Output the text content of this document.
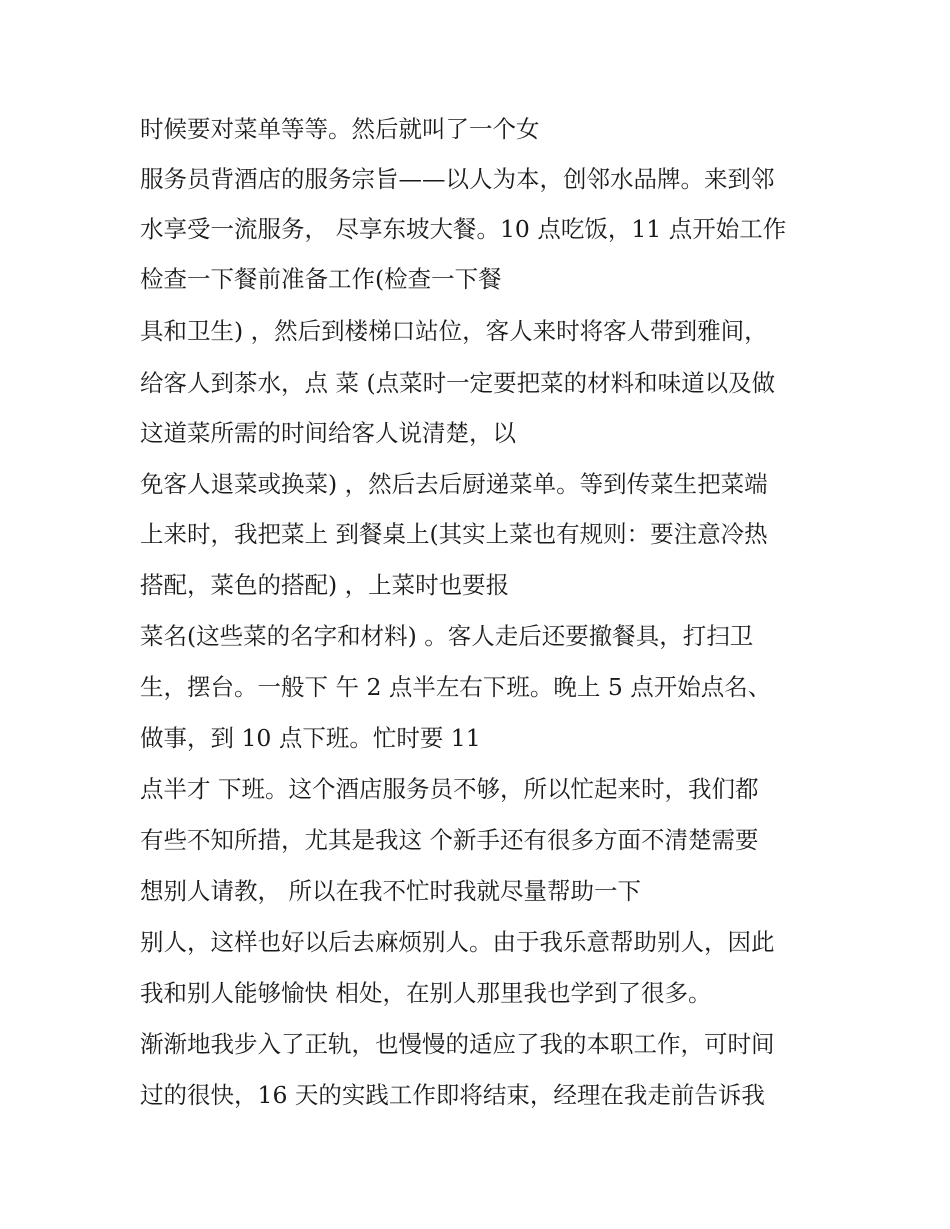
时候要对菜单等等。然后就叫了一个女

服务员背酒店的服务宗旨——以人为本，创邻水品牌。来到邻

水享受一流服务， 尽享东坡大餐。10 点吃饭，11 点开始工作

检查一下餐前准备工作(检查一下餐

具和卫生) ，然后到楼梯口站位，客人来时将客人带到雅间，

给客人到茶水，点 菜 (点菜时一定要把菜的材料和味道以及做

这道菜所需的时间给客人说清楚，以

免客人退菜或换菜) ，然后去后厨递菜单。等到传菜生把菜端

上来时，我把菜上 到餐桌上(其实上菜也有规则：要注意冷热

搭配，菜色的搭配) ，上菜时也要报

菜名(这些菜的名字和材料) 。客人走后还要撤餐具，打扫卫

生，摆台。一般下 午 2 点半左右下班。晚上 5 点开始点名、

做事，到 10 点下班。忙时要 11

点半才 下班。这个酒店服务员不够，所以忙起来时，我们都

有些不知所措，尤其是我这 个新手还有很多方面不清楚需要

想别人请教， 所以在我不忙时我就尽量帮助一下

别人，这样也好以后去麻烦别人。由于我乐意帮助别人，因此

我和别人能够愉快 相处，在别人那里我也学到了很多。

渐渐地我步入了正轨，也慢慢的适应了我的本职工作，可时间

过的很快，16 天的实践工作即将结束，经理在我走前告诉我
